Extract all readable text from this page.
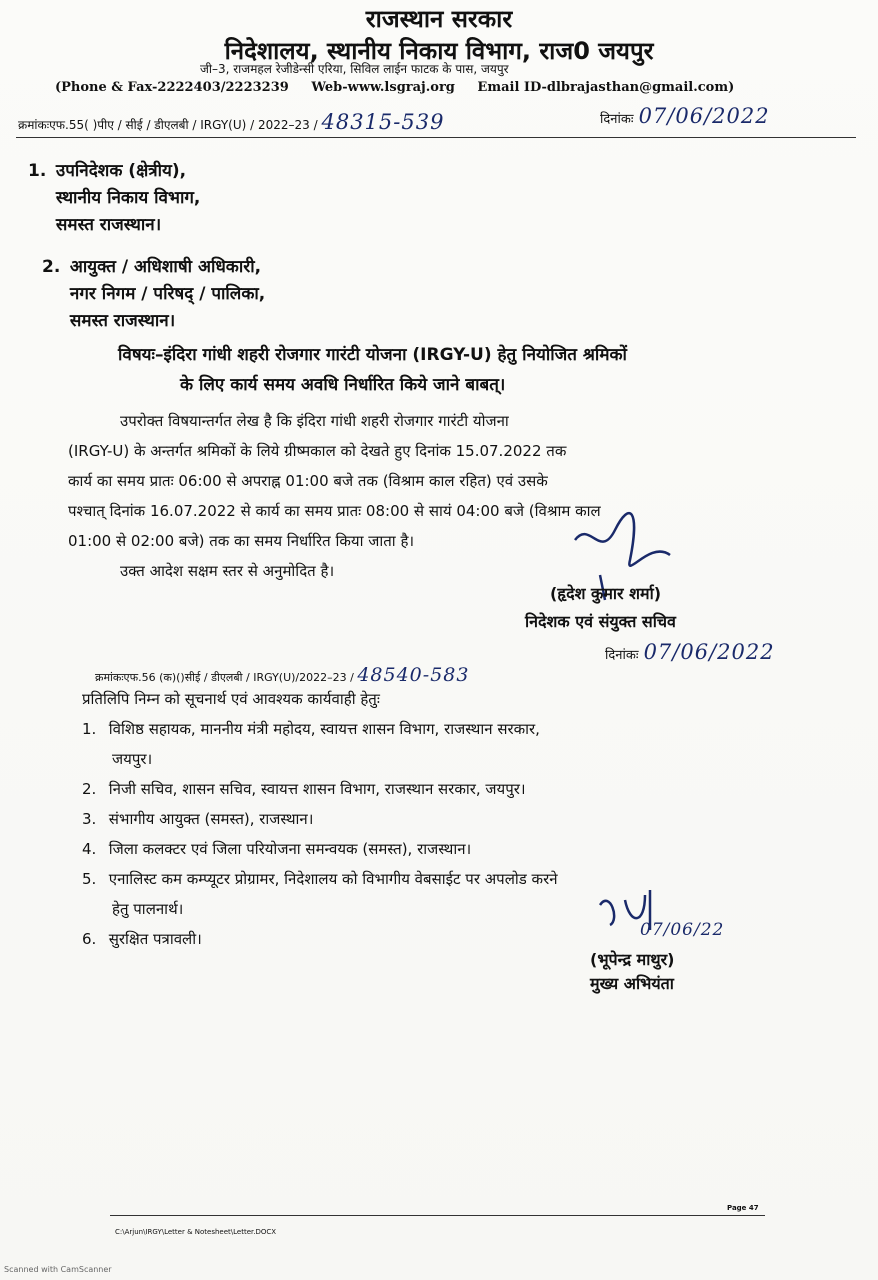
राजस्थान सरकार
निदेशालय, स्थानीय निकाय विभाग, राज0 जयपुर
जी–3, राजमहल रेजीडेन्सी एरिया, सिविल लाईन फाटक के पास, जयपुर
(Phone & Fax-2222403/2223239 Web-www.lsgraj.org Email ID-dlbrajasthan@gmail.com)
क्रमांकःएफ.55( )पीए / सीई / डीएलबी / IRGY(U) / 2022–23 / 48315-539	दिनांकः 07/06/2022
1. उपनिदेशक (क्षेत्रीय),
स्थानीय निकाय विभाग,
समस्त राजस्थान।
2. आयुक्त / अधिशाषी अधिकारी,
नगर निगम / परिषद् / पालिका,
समस्त राजस्थान।
विषयः–इंदिरा गांधी शहरी रोजगार गारंटी योजना (IRGY-U) हेतु नियोजित श्रमिकों
के लिए कार्य समय अवधि निर्धारित किये जाने बाबत्।
उपरोक्त विषयान्तर्गत लेख है कि इंदिरा गांधी शहरी रोजगार गारंटी योजना
(IRGY-U) के अन्तर्गत श्रमिकों के लिये ग्रीष्मकाल को देखते हुए दिनांक 15.07.2022 तक
कार्य का समय प्रातः 06:00 से अपराह्न 01:00 बजे तक (विश्राम काल रहित) एवं उसके
पश्चात् दिनांक 16.07.2022 से कार्य का समय प्रातः 08:00 से सायं 04:00 बजे (विश्राम काल
01:00 से 02:00 बजे) तक का समय निर्धारित किया जाता है।
उक्त आदेश सक्षम स्तर से अनुमोदित है।
(हृदेश कुमार शर्मा)
निदेशक एवं संयुक्त सचिव
क्रमांकःएफ.56 (क)()सीई / डीएलबी / IRGY(U)/2022–23 / 48540-583
दिनांकः 07/06/2022
प्रतिलिपि निम्न को सूचनार्थ एवं आवश्यक कार्यवाही हेतुः
1. विशिष्ठ सहायक, माननीय मंत्री महोदय, स्वायत्त शासन विभाग, राजस्थान सरकार,
जयपुर।
2. निजी सचिव, शासन सचिव, स्वायत्त शासन विभाग, राजस्थान सरकार, जयपुर।
3. संभागीय आयुक्त (समस्त), राजस्थान।
4. जिला कलक्टर एवं जिला परियोजना समन्वयक (समस्त), राजस्थान।
5. एनालिस्ट कम कम्प्यूटर प्रोग्रामर, निदेशालय को विभागीय वेबसाईट पर अपलोड करने
हेतु पालनार्थ।
6. सुरक्षित पत्रावली।	07/06/22
(भूपेन्द्र माथुर)
मुख्य अभियंता
C:\Arjun\IRGY\Letter & Notesheet\Letter.DOCX
Page 47
Scanned with CamScanner
